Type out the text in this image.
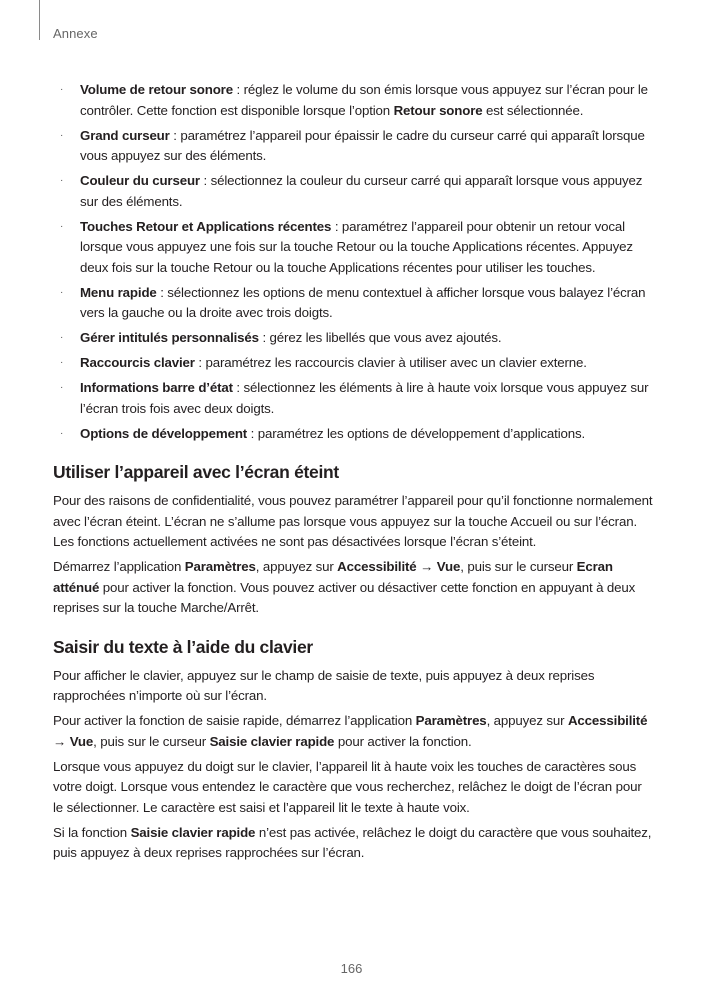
Annexe
· Volume de retour sonore : réglez le volume du son émis lorsque vous appuyez sur l’écran pour le contrôler. Cette fonction est disponible lorsque l’option Retour sonore est sélectionnée.
· Grand curseur : paramétrez l’appareil pour épaissir le cadre du curseur carré qui apparaît lorsque vous appuyez sur des éléments.
· Couleur du curseur : sélectionnez la couleur du curseur carré qui apparaît lorsque vous appuyez sur des éléments.
· Touches Retour et Applications récentes : paramétrez l’appareil pour obtenir un retour vocal lorsque vous appuyez une fois sur la touche Retour ou la touche Applications récentes. Appuyez deux fois sur la touche Retour ou la touche Applications récentes pour utiliser les touches.
· Menu rapide : sélectionnez les options de menu contextuel à afficher lorsque vous balayez l’écran vers la gauche ou la droite avec trois doigts.
· Gérer intitulés personnalisés : gérez les libellés que vous avez ajoutés.
· Raccourcis clavier : paramétrez les raccourcis clavier à utiliser avec un clavier externe.
· Informations barre d’état : sélectionnez les éléments à lire à haute voix lorsque vous appuyez sur l’écran trois fois avec deux doigts.
· Options de développement : paramétrez les options de développement d’applications.
Utiliser l’appareil avec l’écran éteint

Pour des raisons de confidentialité, vous pouvez paramétrer l’appareil pour qu’il fonctionne normalement avec l’écran éteint. L’écran ne s’allume pas lorsque vous appuyez sur la touche Accueil ou sur l’écran. Les fonctions actuellement activées ne sont pas désactivées lorsque l’écran s’éteint.

Démarrez l’application Paramètres, appuyez sur Accessibilité → Vue, puis sur le curseur Ecran atténué pour activer la fonction. Vous pouvez activer ou désactiver cette fonction en appuyant à deux reprises sur la touche Marche/Arrêt.

Saisir du texte à l’aide du clavier

Pour afficher le clavier, appuyez sur le champ de saisie de texte, puis appuyez à deux reprises rapprochées n’importe où sur l’écran.

Pour activer la fonction de saisie rapide, démarrez l’application Paramètres, appuyez sur Accessibilité → Vue, puis sur le curseur Saisie clavier rapide pour activer la fonction.

Lorsque vous appuyez du doigt sur le clavier, l’appareil lit à haute voix les touches de caractères sous votre doigt. Lorsque vous entendez le caractère que vous recherchez, relâchez le doigt de l’écran pour le sélectionner. Le caractère est saisi et l’appareil lit le texte à haute voix.

Si la fonction Saisie clavier rapide n’est pas activée, relâchez le doigt du caractère que vous souhaitez, puis appuyez à deux reprises rapprochées sur l’écran.

166
